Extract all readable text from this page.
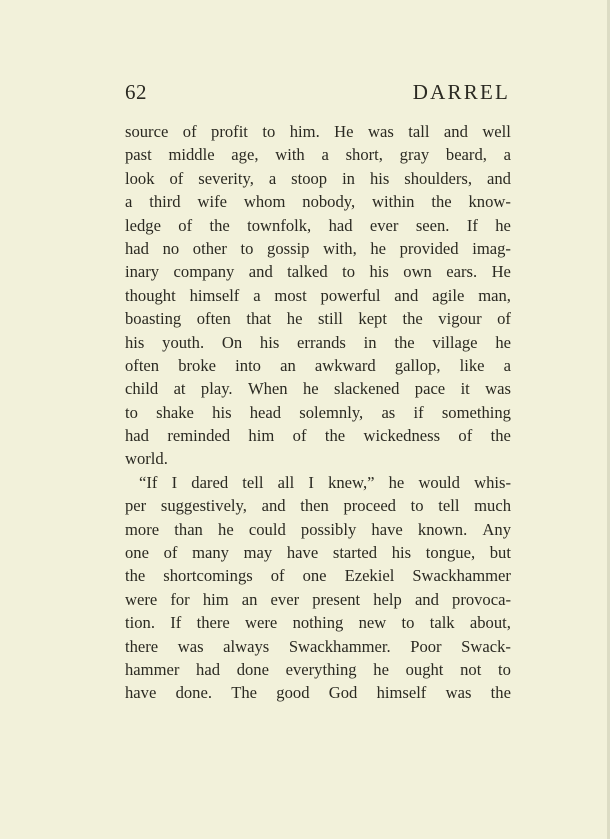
62	DARREL
source of profit to him. He was tall and well
past middle age, with a short, gray beard, a
look of severity, a stoop in his shoulders, and
a third wife whom nobody, within the know-
ledge of the townfolk, had ever seen. If he
had no other to gossip with, he provided imag-
inary company and talked to his own ears. He
thought himself a most powerful and agile man,
boasting often that he still kept the vigour of
his youth. On his errands in the village he
often broke into an awkward gallop, like a
child at play. When he slackened pace it was
to shake his head solemnly, as if something
had reminded him of the wickedness of the
world.
“If I dared tell all I knew,” he would whis-
per suggestively, and then proceed to tell much
more than he could possibly have known. Any
one of many may have started his tongue, but
the shortcomings of one Ezekiel Swackhammer
were for him an ever present help and provoca-
tion. If there were nothing new to talk about,
there was always Swackhammer. Poor Swack-
hammer had done everything he ought not to
have done. The good God himself was the
